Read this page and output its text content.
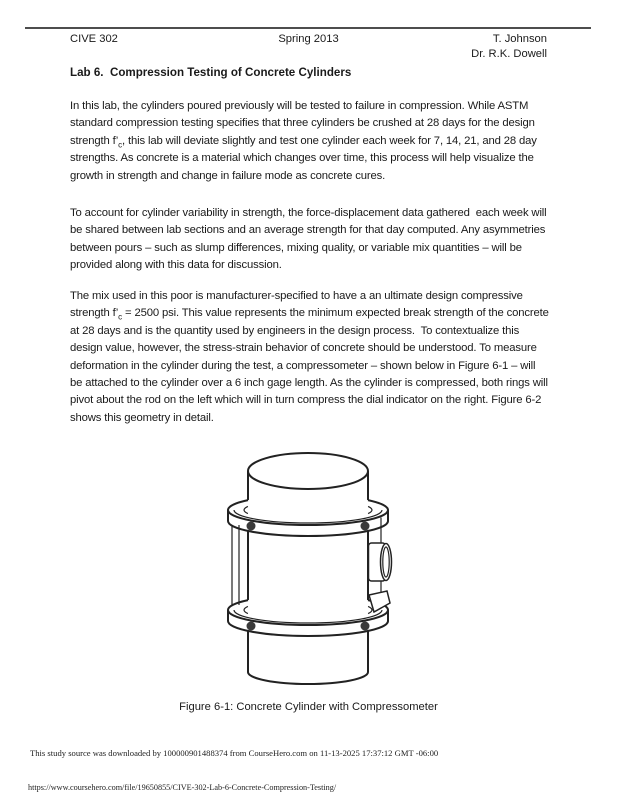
CIVE 302	Spring 2013	T. Johnson
Dr. R.K. Dowell
Lab 6.  Compression Testing of Concrete Cylinders

In this lab, the cylinders poured previously will be tested to failure in compression. While ASTM standard compression testing specifies that three cylinders be crushed at 28 days for the design strength $f’_c$, this lab will deviate slightly and test one cylinder each week for 7, 14, 21, and 28 day strengths. As concrete is a material which changes over time, this process will help visualize the growth in strength and change in failure mode as concrete cures.

To account for cylinder variability in strength, the force-displacement data gathered  each week will be shared between lab sections and an average strength for that day computed. Any asymmetries between pours – such as slump differences, mixing quality, or variable mix quantities – will be provided along with this data for discussion.

The mix used in this poor is manufacturer-specified to have a an ultimate design compressive strength $f’_c = 2500$ psi. This value represents the minimum expected break strength of the concrete at 28 days and is the quantity used by engineers in the design process.  To contextualize this design value, however, the stress-strain behavior of concrete should be understood. To measure deformation in the cylinder during the test, a compressometer – shown below in Figure 6-1 – will be attached to the cylinder over a 6 inch gage length. As the cylinder is compressed, both rings will pivot about the rod on the left which will in turn compress the dial indicator on the right. Figure 6-2 shows this geometry in detail.

Figure 6-1: Concrete Cylinder with Compressometer
This study source was downloaded by 100000901488374 from CourseHero.com on 11-13-2025 17:37:12 GMT -06:00
https://www.coursehero.com/file/19650855/CIVE-302-Lab-6-Concrete-Compression-Testing/
